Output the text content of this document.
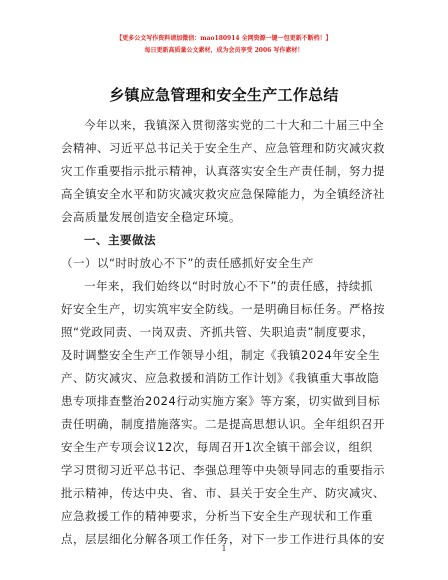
【更多公文写作资料请加微信：mao180914 全网资源一键一包更新不断档！】
每日更新高质量公文素材，成为会员享受 2006 写作素材！
乡镇应急管理和安全生产工作总结
今年以来，我镇深入贯彻落实党的二十大和二十届三中全
会精神、习近平总书记关于安全生产、应急管理和防灾减灾救
灾工作重要指示批示精神，认真落实安全生产责任制，努力提
高全镇安全水平和防灾减灾救灾应急保障能力，为全镇经济社
会高质量发展创造安全稳定环境。
一、主要做法
（一）以“时时放心不下”的责任感抓好安全生产
一年来，我们始终以“时时放心不下”的责任感，持续抓
好安全生产，切实筑牢安全防线。一是明确目标任务。严格按
照“党政同责、一岗双责、齐抓共管、失职追责”制度要求，
及时调整安全生产工作领导小组，制定《我镇2024年安全生
产、防灾减灾、应急救援和消防工作计划》《我镇重大事故隐
患专项排查整治2024行动实施方案》等方案，切实做到目标
责任明确，制度措施落实。二是提高思想认识。全年组织召开
安全生产专项会议12次，每周召开1次全镇干部会议，组织
学习贯彻习近平总书记、李强总理等中央领导同志的重要指示
批示精神，传达中央、省、市、县关于安全生产、防灾减灾、
应急救援工作的精神要求，分析当下安全生产现状和工作重
点，层层细化分解各项工作任务，对下一步工作进行具体的安
1
